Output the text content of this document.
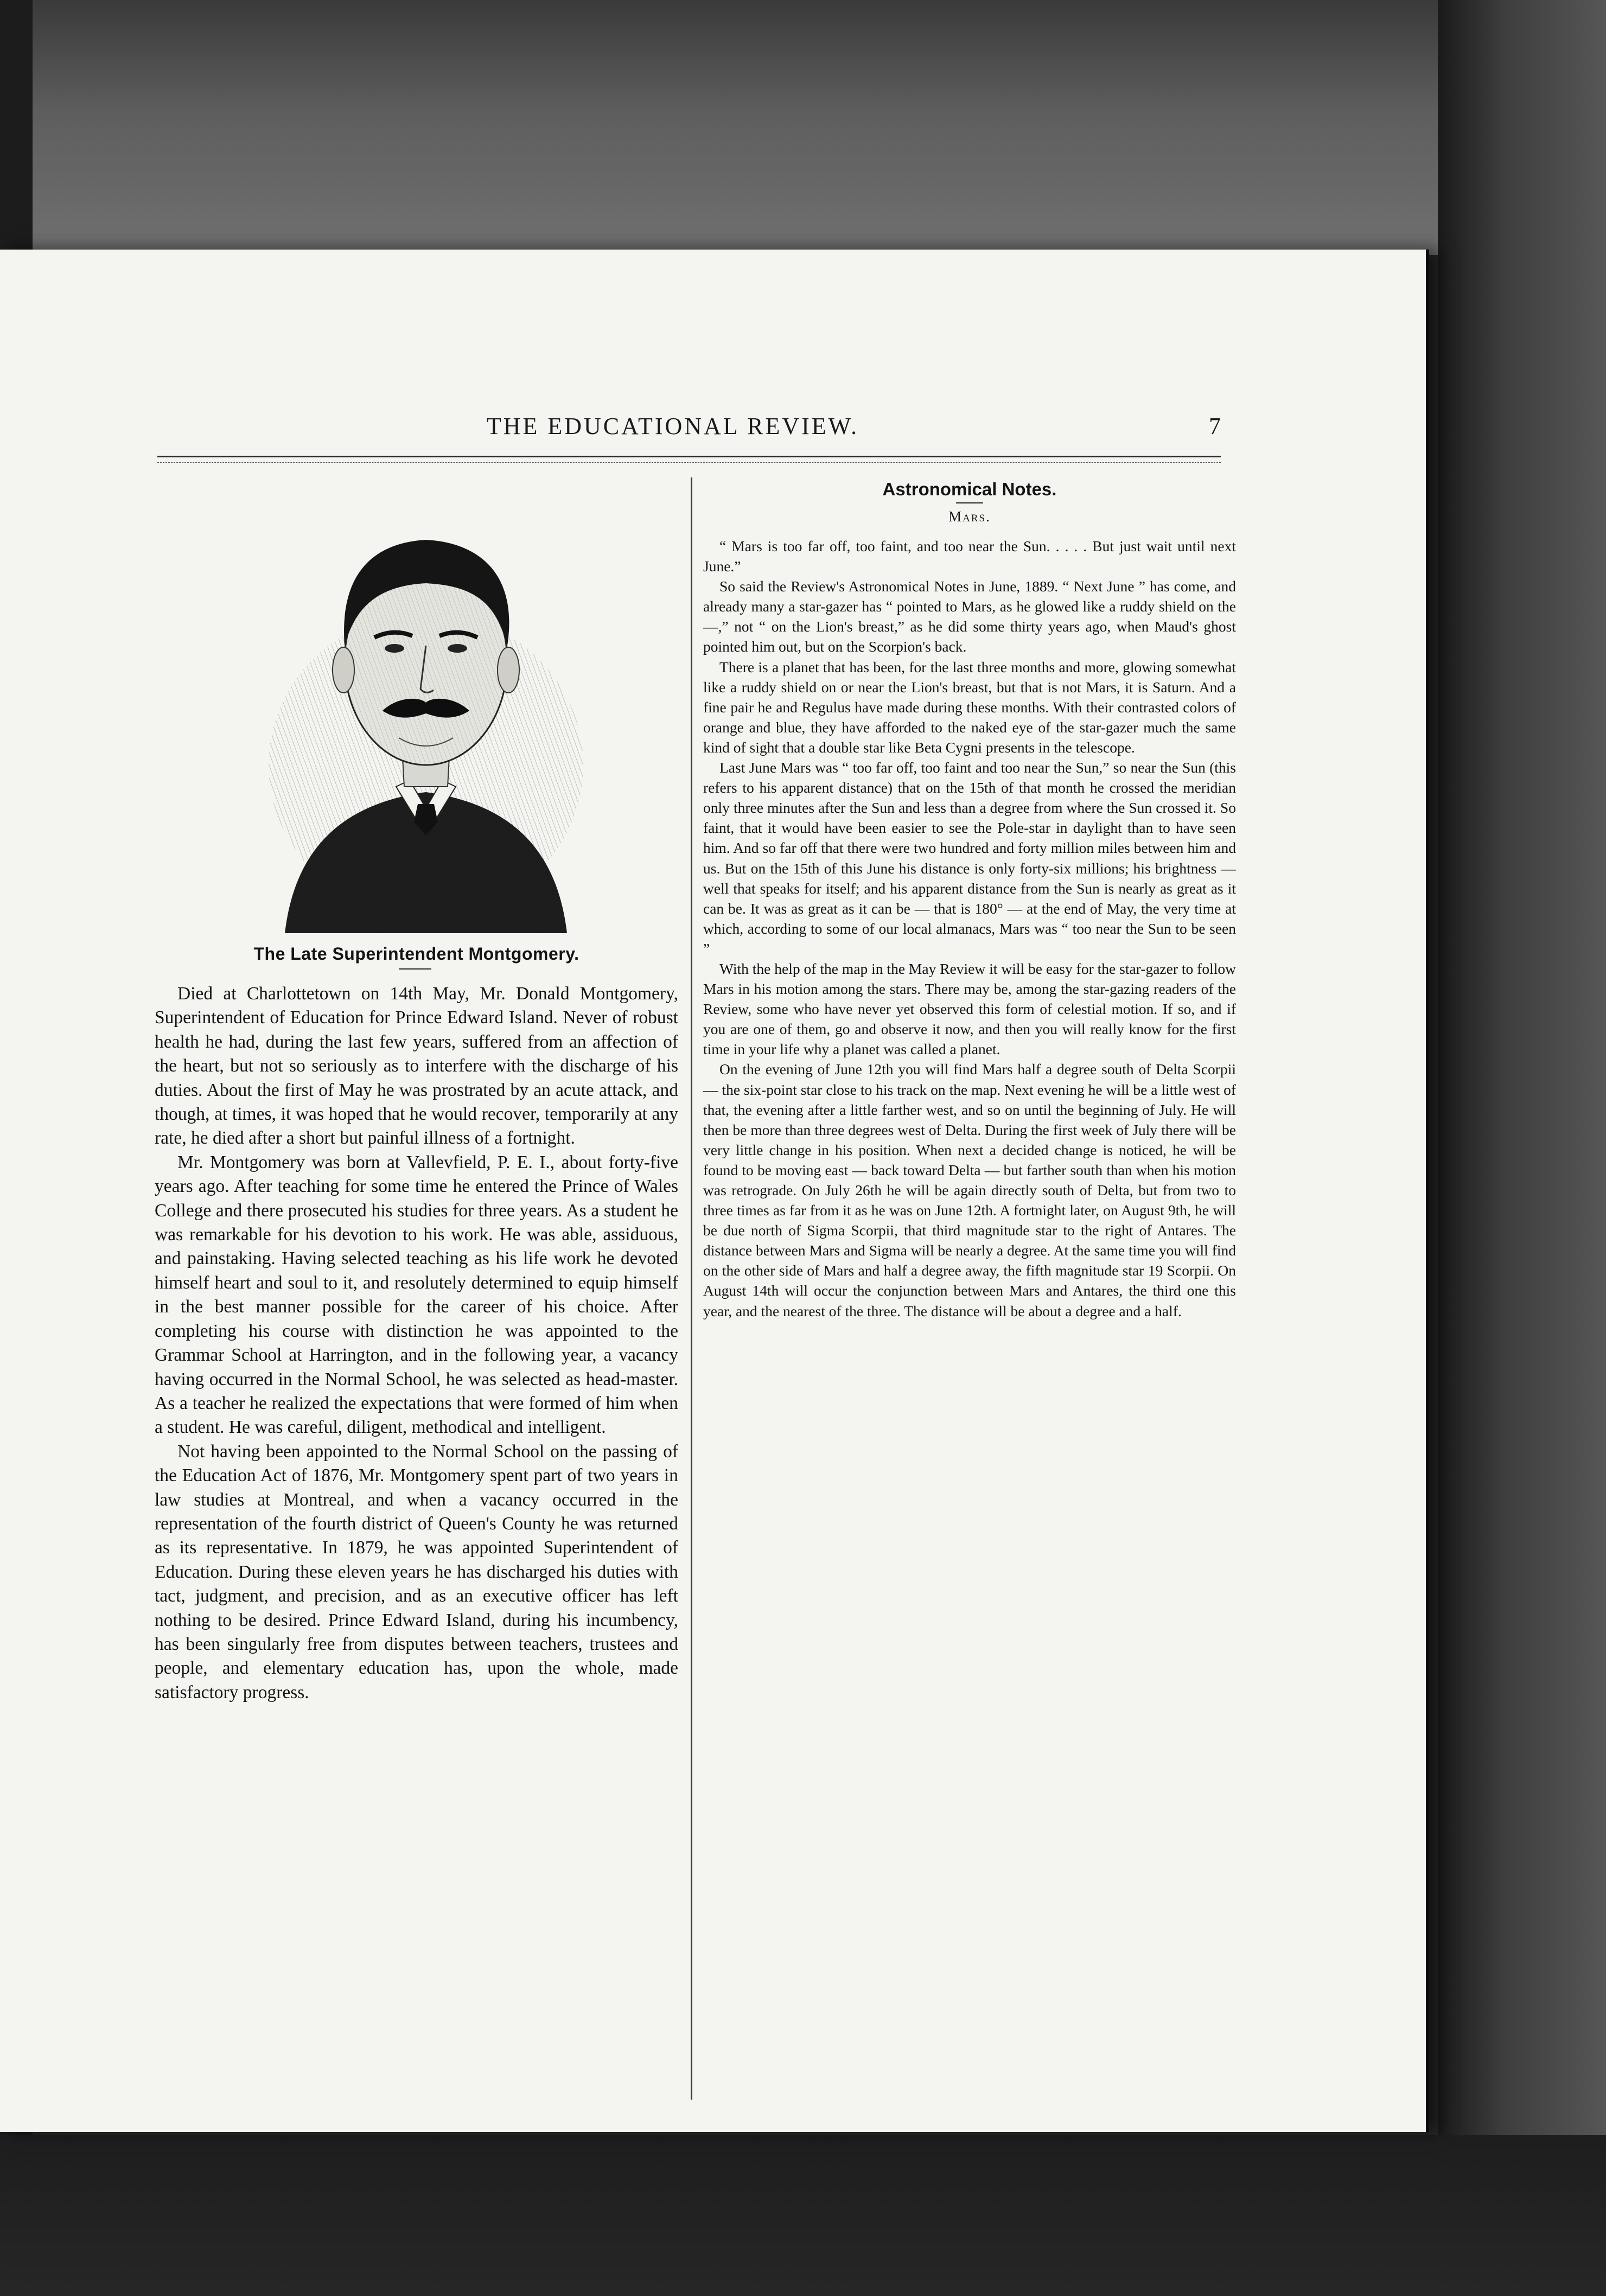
THE EDUCATIONAL REVIEW.	7
The Late Superintendent Montgomery.

Died at Charlottetown on 14th May, Mr. Donald Montgomery, Superintendent of Education for Prince Edward Island. Never of robust health he had, during the last few years, suffered from an affection of the heart, but not so seriously as to interfere with the discharge of his duties. About the first of May he was prostrated by an acute attack, and though, at times, it was hoped that he would recover, temporarily at any rate, he died after a short but painful illness of a fortnight.

Mr. Montgomery was born at Vallevfield, P. E. I., about forty-five years ago. After teaching for some time he entered the Prince of Wales College and there prosecuted his studies for three years. As a student he was remarkable for his devotion to his work. He was able, assiduous, and painstaking. Having selected teaching as his life work he devoted himself heart and soul to it, and resolutely determined to equip himself in the best manner possible for the career of his choice. After completing his course with distinction he was appointed to the Grammar School at Harrington, and in the following year, a vacancy having occurred in the Normal School, he was selected as head-master. As a teacher he realized the expectations that were formed of him when a student. He was careful, diligent, methodical and intelligent.

Not having been appointed to the Normal School on the passing of the Education Act of 1876, Mr. Montgomery spent part of two years in law studies at Montreal, and when a vacancy occurred in the representation of the fourth district of Queen's County he was returned as its representative. In 1879, he was appointed Superintendent of Education. During these eleven years he has discharged his duties with tact, judgment, and precision, and as an executive officer has left nothing to be desired. Prince Edward Island, during his incumbency, has been singularly free from disputes between teachers, trustees and people, and elementary education has, upon the whole, made satisfactory progress.

Astronomical Notes.
Mars.

“ Mars is too far off, too faint, and too near the Sun. . . . . But just wait until next June.”

So said the Review's Astronomical Notes in June, 1889. “ Next June ” has come, and already many a star-gazer has “ pointed to Mars, as he glowed like a ruddy shield on the —,” not “ on the Lion's breast,” as he did some thirty years ago, when Maud's ghost pointed him out, but on the Scorpion's back.

There is a planet that has been, for the last three months and more, glowing somewhat like a ruddy shield on or near the Lion's breast, but that is not Mars, it is Saturn. And a fine pair he and Regulus have made during these months. With their contrasted colors of orange and blue, they have afforded to the naked eye of the star-gazer much the same kind of sight that a double star like Beta Cygni presents in the telescope.

Last June Mars was “ too far off, too faint and too near the Sun,” so near the Sun (this refers to his apparent distance) that on the 15th of that month he crossed the meridian only three minutes after the Sun and less than a degree from where the Sun crossed it. So faint, that it would have been easier to see the Pole-star in daylight than to have seen him. And so far off that there were two hundred and forty million miles between him and us. But on the 15th of this June his distance is only forty-six millions; his brightness — well that speaks for itself; and his apparent distance from the Sun is nearly as great as it can be. It was as great as it can be — that is 180° — at the end of May, the very time at which, according to some of our local almanacs, Mars was “ too near the Sun to be seen ”

With the help of the map in the May Review it will be easy for the star-gazer to follow Mars in his motion among the stars. There may be, among the star-gazing readers of the Review, some who have never yet observed this form of celestial motion. If so, and if you are one of them, go and observe it now, and then you will really know for the first time in your life why a planet was called a planet.

On the evening of June 12th you will find Mars half a degree south of Delta Scorpii — the six-point star close to his track on the map. Next evening he will be a little west of that, the evening after a little farther west, and so on until the beginning of July. He will then be more than three degrees west of Delta. During the first week of July there will be very little change in his position. When next a decided change is noticed, he will be found to be moving east — back toward Delta — but farther south than when his motion was retrograde. On July 26th he will be again directly south of Delta, but from two to three times as far from it as he was on June 12th. A fortnight later, on August 9th, he will be due north of Sigma Scorpii, that third magnitude star to the right of Antares. The distance between Mars and Sigma will be nearly a degree. At the same time you will find on the other side of Mars and half a degree away, the fifth magnitude star 19 Scorpii. On August 14th will occur the conjunction between Mars and Antares, the third one this year, and the nearest of the three. The distance will be about a degree and a half.
